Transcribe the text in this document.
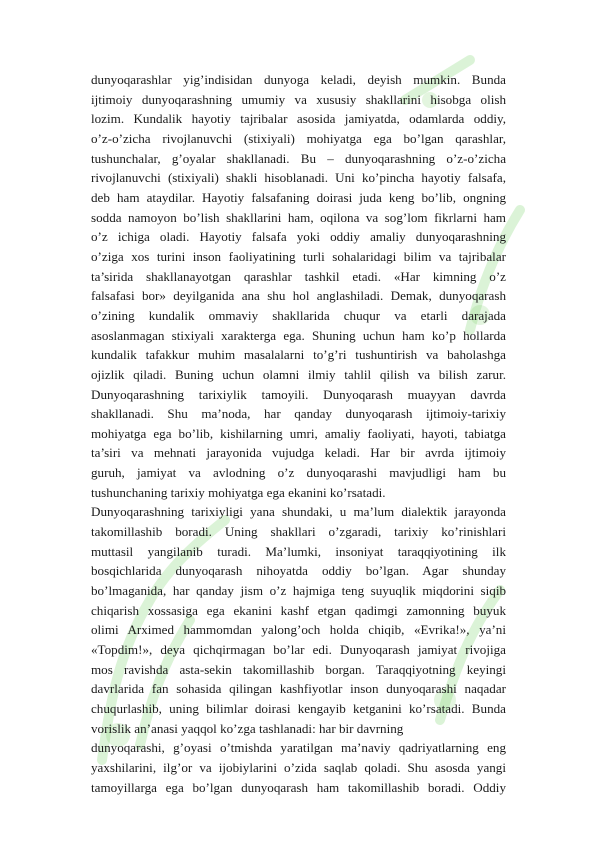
dunyoqarashlar yig’indisidan dunyoga keladi, deyish mumkin. Bunda
ijtimoiy dunyoqarashning umumiy va xususiy shakllarini hisobga olish
lozim. Kundalik hayotiy tajribalar asosida jamiyatda, odamlarda oddiy,
o’z-o’zicha rivojlanuvchi (stixiyali) mohiyatga ega bo’lgan qarashlar,
tushunchalar, g’oyalar shakllanadi. Bu – dunyoqarashning o’z-o’zicha
rivojlanuvchi (stixiyali) shakli hisoblanadi. Uni ko’pincha hayotiy falsafa,
deb ham ataydilar. Hayotiy falsafaning doirasi juda keng bo’lib, ongning
sodda namoyon bo’lish shakllarini ham, oqilona va sog’lom fikrlarni ham
o’z ichiga oladi. Hayotiy falsafa yoki oddiy amaliy dunyoqarashning
o’ziga xos turini inson faoliyatining turli sohalaridagi bilim va tajribalar
ta’sirida shakllanayotgan qarashlar tashkil etadi. «Har kimning o’z
falsafasi bor» deyilganida ana shu hol anglashiladi. Demak, dunyoqarash
o’zining kundalik ommaviy shakllarida chuqur va etarli darajada
asoslanmagan stixiyali xarakterga ega. Shuning uchun ham ko’p hollarda
kundalik tafakkur muhim masalalarni to’g’ri tushuntirish va baholashga
ojizlik qiladi. Buning uchun olamni ilmiy tahlil qilish va bilish zarur.
Dunyoqarashning tarixiylik tamoyili. Dunyoqarash muayyan davrda
shakllanadi. Shu ma’noda, har qanday dunyoqarash ijtimoiy-tarixiy
mohiyatga ega bo’lib, kishilarning umri, amaliy faoliyati, hayoti, tabiatga
ta’siri va mehnati jarayonida vujudga keladi. Har bir avrda ijtimoiy
guruh, jamiyat va avlodning o’z dunyoqarashi mavjudligi ham bu
tushunchaning tarixiy mohiyatga ega ekanini ko’rsatadi.
Dunyoqarashning tarixiyligi yana shundaki, u ma’lum dialektik jarayonda
takomillashib boradi. Uning shakllari o’zgaradi, tarixiy ko’rinishlari
muttasil yangilanib turadi. Ma’lumki, insoniyat taraqqiyotining ilk
bosqichlarida dunyoqarash nihoyatda oddiy bo’lgan. Agar shunday
bo’lmaganida, har qanday jism o’z hajmiga teng suyuqlik miqdorini siqib
chiqarish xossasiga ega ekanini kashf etgan qadimgi zamonning buyuk
olimi Arximed hammomdan yalong’och holda chiqib, «Evrika!», ya’ni
«Topdim!», deya qichqirmagan bo’lar edi. Dunyoqarash jamiyat rivojiga
mos ravishda asta-sekin takomillashib borgan. Taraqqiyotning keyingi
davrlarida fan sohasida qilingan kashfiyotlar inson dunyoqarashi naqadar
chuqurlashib, uning bilimlar doirasi kengayib ketganini ko’rsatadi. Bunda
vorislik an’anasi yaqqol ko’zga tashlanadi: har bir davrning
dunyoqarashi, g’oyasi o’tmishda yaratilgan ma’naviy qadriyatlarning eng
yaxshilarini, ilg’or va ijobiylarini o’zida saqlab qoladi. Shu asosda yangi
tamoyillarga ega bo’lgan dunyoqarash ham takomillashib boradi. Oddiy
